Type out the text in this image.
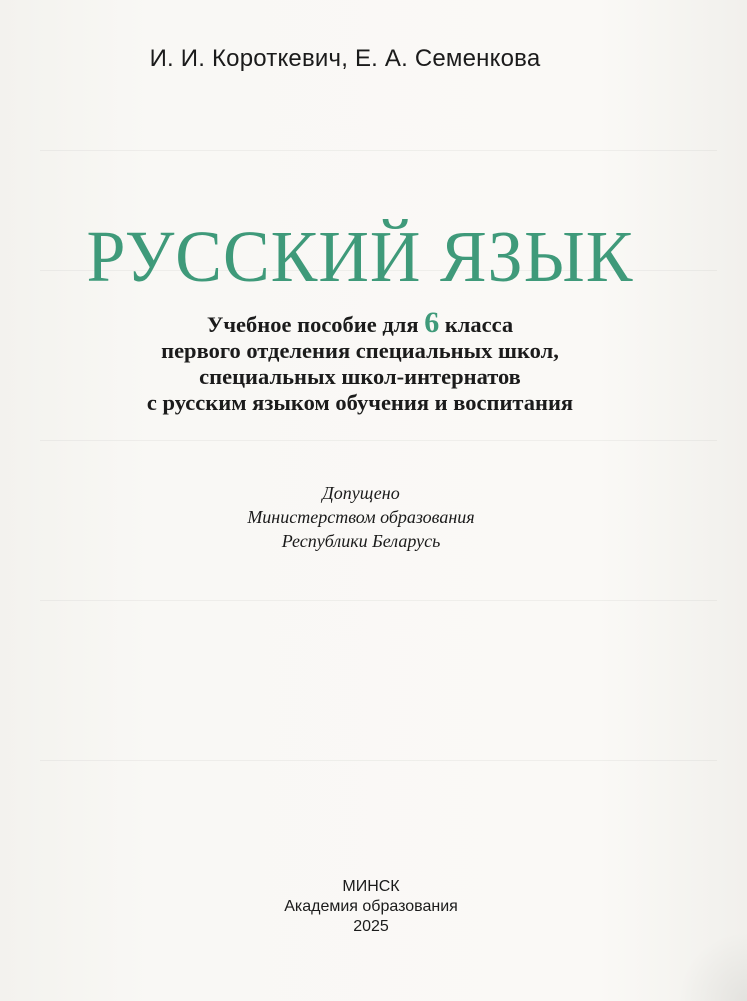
И. И. Короткевич, Е. А. Семенкова
РУССКИЙ ЯЗЫК
Учебное пособие для 6 класса
первого отделения специальных школ,
специальных школ-интернатов
с русским языком обучения и воспитания
Допущено
Министерством образования
Республики Беларусь
МИНСК
Академия образования
2025
